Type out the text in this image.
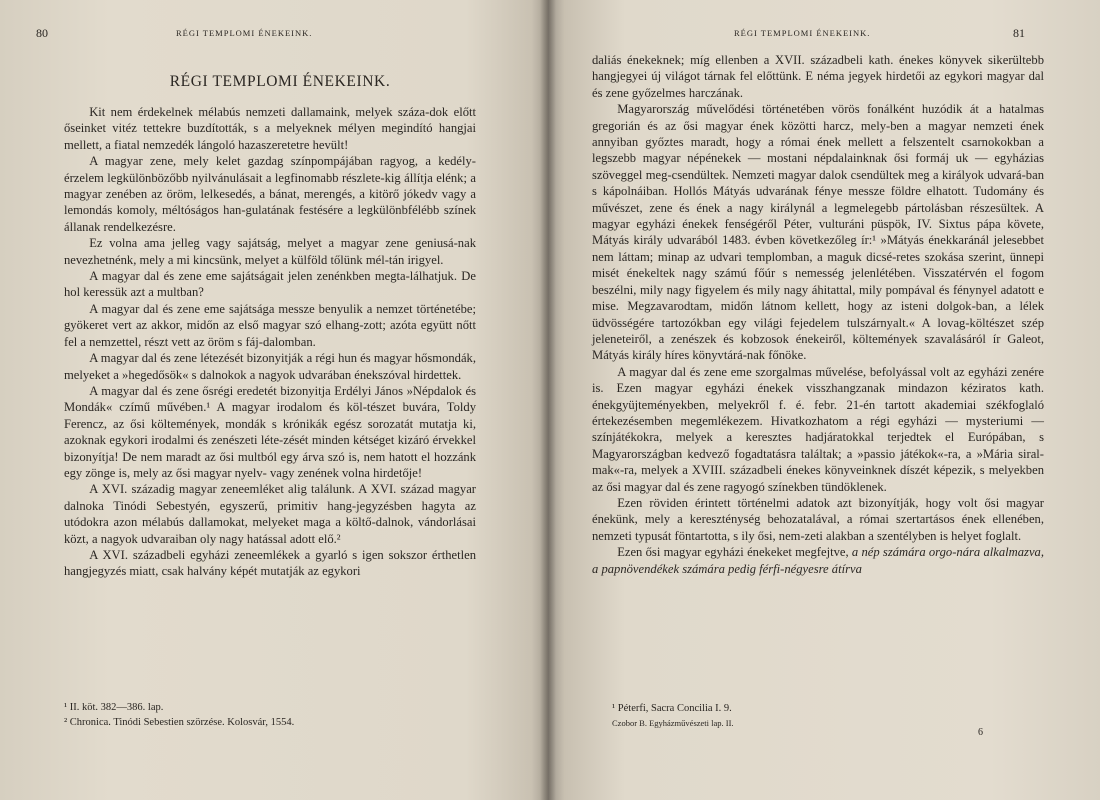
80	RÉGI TEMPLOMI ÉNEKEINK.
RÉGI TEMPLOMI ÉNEKEINK.

Kit nem érdekelnek mélabús nemzeti dallamaink, melyek száza-dok előtt őseinket vitéz tettekre buzdították, s a melyeknek mélyen megindító hangjai mellett, a fiatal nemzedék lángoló hazaszeretetre hevült!

A magyar zene, mely kelet gazdag színpompájában ragyog, a kedély-érzelem legkülönbözőbb nyilvánulásait a legfinomabb részlete-kig állítja elénk; a magyar zenében az öröm, lelkesedés, a bánat, merengés, a kitörő jókedv vagy a lemondás komoly, méltóságos han-gulatának festésére a legkülönbfélébb színek állanak rendelkezésre.

Ez volna ama jelleg vagy sajátság, melyet a magyar zene geniusá-nak nevezhetnénk, mely a mi kincsünk, melyet a külföld tőlünk mél-tán irigyel.

A magyar dal és zene eme sajátságait jelen zenénkben megta-lálhatjuk. De hol keressük azt a multban?

A magyar dal és zene eme sajátsága messze benyulik a nemzet történetébe; gyökeret vert az akkor, midőn az első magyar szó elhang-zott; azóta együtt nőtt fel a nemzettel, részt vett az öröm s fáj-dalomban.

A magyar dal és zene létezését bizonyitják a régi hun és magyar hősmondák, melyeket a »hegedősök« s dalnokok a nagyok udvarában énekszóval hirdettek.

A magyar dal és zene ősrégi eredetét bizonyitja Erdélyi János »Népdalok és Mondák« czímű művében.¹ A magyar irodalom és köl-tészet buvára, Toldy Ferencz, az ősi költemények, mondák s krónikák egész sorozatát mutatja ki, azoknak egykori irodalmi és zenészeti léte-zését minden kétséget kizáró érvekkel bizonyítja! De nem maradt az ősi multból egy árva szó is, nem hatott el hozzánk egy zönge is, mely az ősi magyar nyelv- vagy zenének volna hirdetője!

A XVI. századig magyar zeneemléket alig találunk. A XVI. század magyar dalnoka Tinódi Sebestyén, egyszerű, primitiv hang-jegyzésben hagyta az utódokra azon mélabús dallamokat, melyeket maga a költő-dalnok, vándorlásai közt, a nagyok udvaraiban oly nagy hatással adott elő.²

A XVI. századbeli egyházi zeneemlékek a gyarló s igen sokszor érthetlen hangjegyzés miatt, csak halvány képét mutatják az egykori

¹ II. köt. 382—386. lap.
² Chronica. Tinódi Sebestien szörzése. Kolosvár, 1554.
RÉGI TEMPLOMI ÉNEKEINK.	81

daliás énekeknek; míg ellenben a XVII. századbeli kath. énekes könyvek sikerültebb hangjegyei új világot tárnak fel előttünk. E néma jegyek hirdetői az egykori magyar dal és zene győzelmes harczának.

Magyarország művelődési történetében vörös fonálként huzódik át a hatalmas gregorián és az ősi magyar ének közötti harcz, mely-ben a magyar nemzeti ének annyiban győztes maradt, hogy a római ének mellett a felszentelt csarnokokban a legszebb magyar népénekek — mostani népdalainknak ősi formáj uk — egyházias szöveggel meg-csendültek. Nemzeti magyar dalok csendültek meg a királyok udvará-ban s kápolnáiban. Hollós Mátyás udvarának fénye messze földre elhatott. Tudomány és művészet, zene és ének a nagy királynál a legmelegebb pártolásban részesültek. A magyar egyházi énekek fenségéről Péter, vulturáni püspök, IV. Sixtus pápa követe, Mátyás király udvarából 1483. évben következőleg ír:¹ »Mátyás énekkaránál jelesebbet nem láttam; minap az udvari templomban, a maguk dicsé-retes szokása szerint, ünnepi misét énekeltek nagy számú főúr s nemesség jelenlétében. Visszatérvén el fogom beszélni, mily nagy figyelem és mily nagy áhitattal, mily pompával és fénynyel adatott e mise. Megzavarodtam, midőn látnom kellett, hogy az isteni dolgok-ban, a lélek üdvösségére tartozókban egy világi fejedelem tulszárnyalt.« A lovag-költészet szép jeleneteiről, a zenészek és kobzosok énekeiről, költemények szavalásáról ír Galeot, Mátyás király híres könyvtárá-nak főnöke.

A magyar dal és zene eme szorgalmas művelése, befolyással volt az egyházi zenére is. Ezen magyar egyházi énekek visszhangzanak mindazon kéziratos kath. énekgyüjteményekben, melyekről f. é. febr. 21-én tartott akademiai székfoglaló értekezésemben megemlékezem. Hivatkozhatom a régi egyházi — mysteriumi — színjátékokra, melyek a keresztes hadjáratokkal terjedtek el Európában, s Magyarországban kedvező fogadtatásra találtak; a »passio játékok«-ra, a »Mária siral-mak«-ra, melyek a XVIII. századbeli énekes könyveinknek díszét képezik, s melyekben az ősi magyar dal és zene ragyogó színekben tündöklenek.

Ezen röviden érintett történelmi adatok azt bizonyítják, hogy volt ősi magyar énekünk, mely a kereszténység behozatalával, a római szertartásos ének ellenében, nemzeti typusát föntartotta, s ily ősi, nem-zeti alakban a szentélyben is helyet foglalt.

Ezen ősi magyar egyházi énekeket megfejtve, a nép számára orgo-nára alkalmazva, a papnövendékek számára pedig férfi-négyesre átírva

¹ Péterfi, Sacra Concilia I. 9.
Czobor B. Egyházművészeti lap. II.
6
